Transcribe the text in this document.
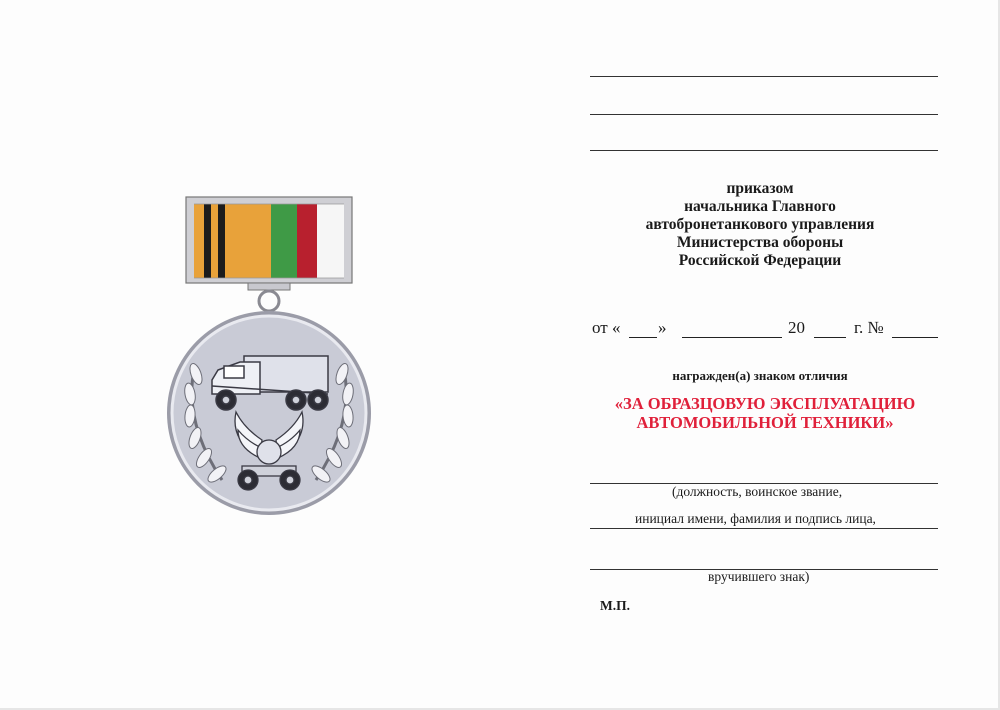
приказом
начальника Главного
автобронетанкового управления
Министерства обороны
Российской Федерации
от « »	20	г. №
награжден(а) знаком отличия
«ЗА ОБРАЗЦОВУЮ ЭКСПЛУАТАЦИЮ
АВТОМОБИЛЬНОЙ ТЕХНИКИ»
(должность, воинское звание,
инициал имени, фамилия и подпись лица,
вручившего знак)
М.П.
